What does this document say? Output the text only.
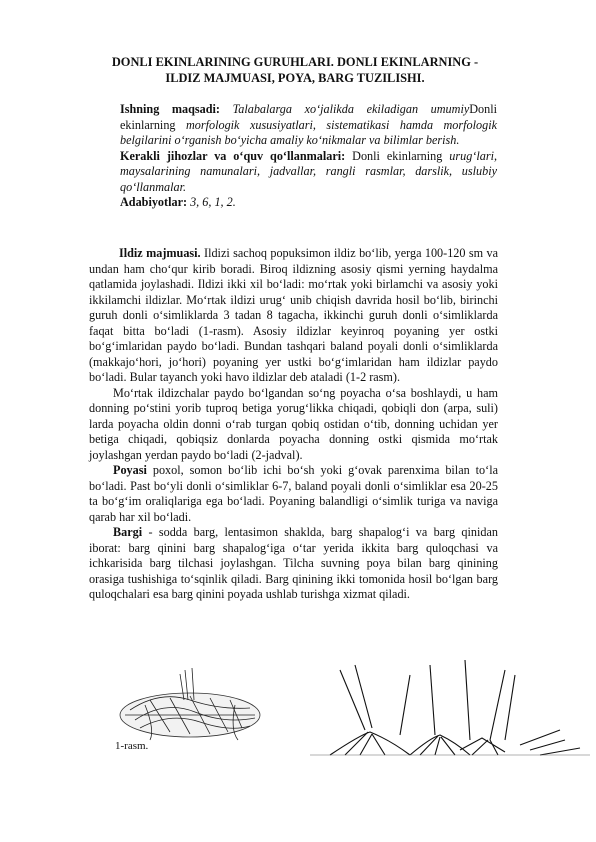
DONLI EKINLARINING GURUHLARI. DONLI EKINLARNING -ILDIZ MAJMUASI, POYA, BARG TUZILISHI.

Ishning maqsadi: Talabalarga xo‘jalikda ekiladigan umumiyDonli ekinlarning morfologik xususiyatlari, sistematikasi hamda morfologik belgilarini o‘rganish bo‘yicha amaliy ko‘nikmalar va bilimlar berish.

Kerakli jihozlar va o‘quv qo‘llanmalari: Donli ekinlarning urug‘lari, maysalarining namunalari, jadvallar, rangli rasmlar, darslik, uslubiy qo‘llanmalar.

Adabiyotlar: 3, 6, 1, 2.

Ildiz majmuasi. Ildizi sachoq popuksimon ildiz bo‘lib, yerga 100-120 sm va undan ham cho‘qur kirib boradi. Biroq ildizning asosiy qismi yerning haydalma qatlamida joylashadi. Ildizi ikki xil bo‘ladi: mo‘rtak yoki birlamchi va asosiy yoki ikkilamchi ildizlar. Mo‘rtak ildizi urug‘ unib chiqish davrida hosil bo‘lib, birinchi guruh donli o‘simliklarda 3 tadan 8 tagacha, ikkinchi guruh donli o‘simliklarda faqat bitta bo‘ladi (1-rasm). Asosiy ildizlar keyinroq poyaning yer ostki bo‘g‘imlaridan paydo bo‘ladi. Bundan tashqari baland poyali donli o‘simliklarda (makkajo‘hori, jo‘hori) poyaning yer ustki bo‘g‘imlaridan ham ildizlar paydo bo‘ladi. Bular tayanch yoki havo ildizlar deb ataladi (1-2 rasm).

Mo‘rtak ildizchalar paydo bo‘lgandan so‘ng poyacha o‘sa boshlaydi, u ham donning po‘stini yorib tuproq betiga yorug‘likka chiqadi, qobiqli don (arpa, suli) larda poyacha oldin donni o‘rab turgan qobiq ostidan o‘tib, donning uchidan yer betiga chiqadi, qobiqsiz donlarda poyacha donning ostki qismida mo‘rtak joylashgan yerdan paydo bo‘ladi (2-jadval).

Poyasi poxol, somon bo‘lib ichi bo‘sh yoki g‘ovak parenxima bilan to‘la bo‘ladi. Past bo‘yli donli o‘simliklar 6-7, baland poyali donli o‘simliklar esa 20-25 ta bo‘g‘im oraliqlariga ega bo‘ladi. Poyaning balandligi o‘simlik turiga va naviga qarab har xil bo‘ladi.

Bargi - sodda barg, lentasimon shaklda, barg shapalog‘i va barg qinidan iborat: barg qinini barg shapalog‘iga o‘tar yerida ikkita barg quloqchasi va ichkarisida barg tilchasi joylashgan. Tilcha suvning poya bilan barg qinining orasiga tushishiga to‘sqinlik qiladi. Barg qinining ikki tomonida hosil bo‘lgan barg quloqchalari esa barg qinini poyada ushlab turishga xizmat qiladi.

1-rasm.
